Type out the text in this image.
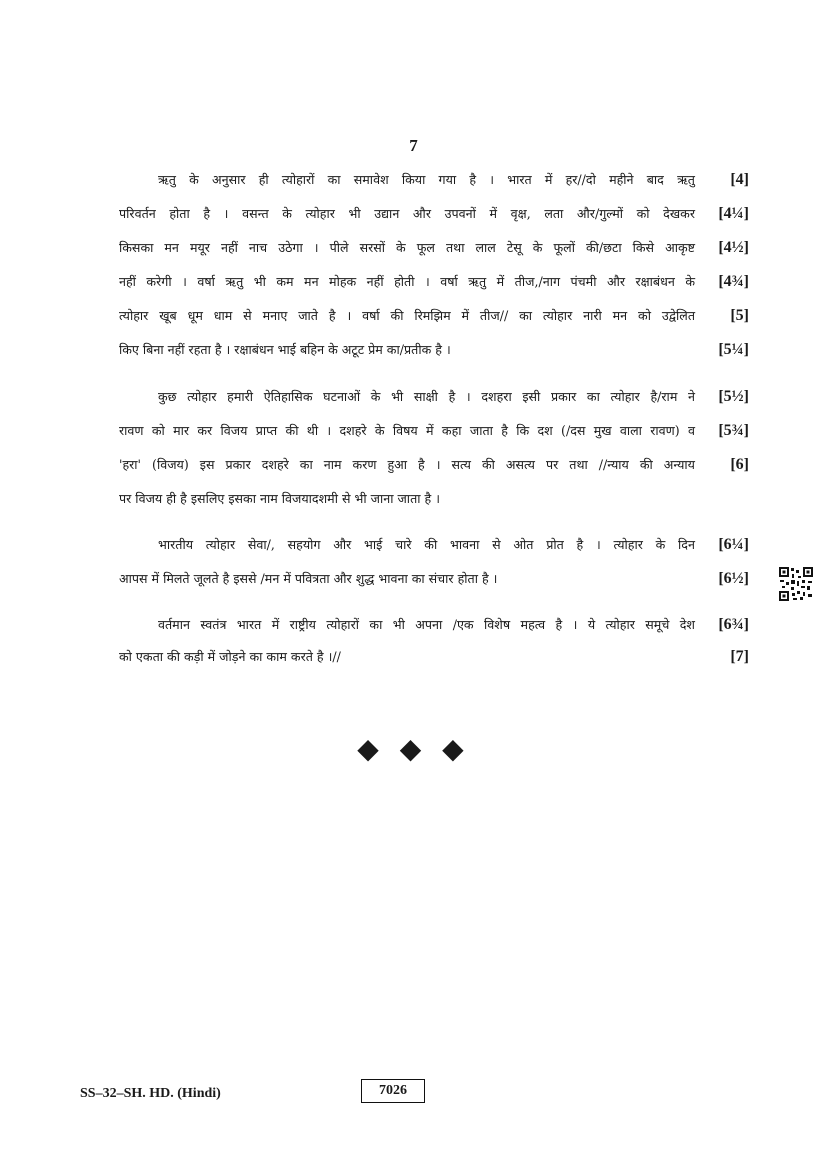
7
ऋतु के अनुसार ही त्योहारों का समावेश किया गया है । भारत में हर//दो महीने बाद ऋतु [4]
परिवर्तन होता है । वसन्त के त्योहार भी उद्यान और उपवनों में वृक्ष, लता और/गुल्मों को देखकर [4¼]
किसका मन मयूर नहीं नाच उठेगा । पीले सरसों के फूल तथा लाल टेसू के फूलों की/छटा किसे आकृष्ट [4½]
नहीं करेगी । वर्षा ऋतु भी कम मन मोहक नहीं होती । वर्षा ऋतु में तीज,/नाग पंचमी और रक्षाबंधन के [4¾]
त्योहार खूब धूम धाम से मनाए जाते है । वर्षा की रिमझिम में तीज// का त्योहार नारी मन को उद्वेलित [5]
किए बिना नहीं रहता है । रक्षाबंधन भाई बहिन के अटूट प्रेम का/प्रतीक है ।	[5¼]
कुछ त्योहार हमारी ऐतिहासिक घटनाओं के भी साक्षी है । दशहरा इसी प्रकार का त्योहार है/राम ने [5½]
रावण को मार कर विजय प्राप्त की थी । दशहरे के विषय में कहा जाता है कि दश (/दस मुख वाला रावण) व [5¾]
'हरा' (विजय) इस प्रकार दशहरे का नाम करण हुआ है । सत्य की असत्य पर तथा //न्याय की अन्याय [6]
पर विजय ही है इसलिए इसका नाम विजयादशमी से भी जाना जाता है ।
भारतीय त्योहार सेवा/, सहयोग और भाई चारे की भावना से ओत प्रोत है । त्योहार के दिन [6¼]
आपस में मिलते जूलते है इससे /मन में पवित्रता और शुद्ध भावना का संचार होता है ।	[6½]
वर्तमान स्वतंत्र भारत में राष्ट्रीय त्योहारों का भी अपना /एक विशेष महत्व है । ये त्योहार समूचे देश [6¾]
को एकता की कड़ी में जोड़ने का काम करते है ।//	[7]
◆ ◆ ◆
SS–32–SH. HD. (Hindi)	7026
